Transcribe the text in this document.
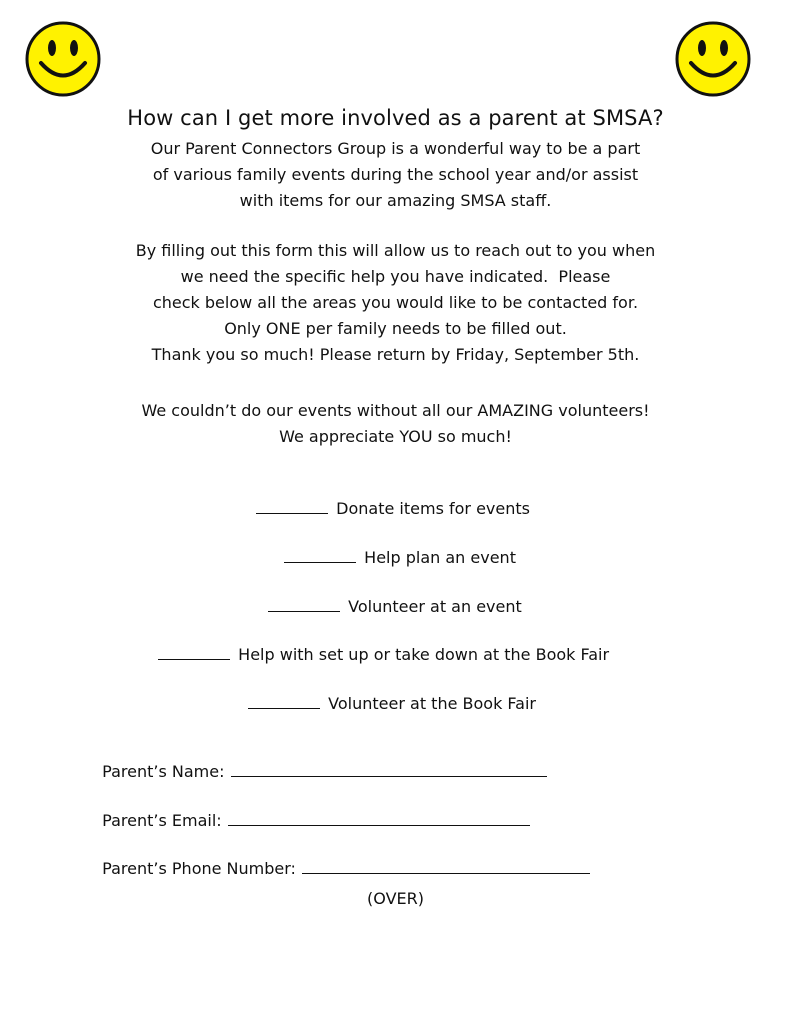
How can I get more involved as a parent at SMSA?
Our Parent Connectors Group is a wonderful way to be a part
of various family events during the school year and/or assist
with items for our amazing SMSA staff.
By filling out this form this will allow us to reach out to you when
we need the specific help you have indicated.  Please
check below all the areas you would like to be contacted for.
Only ONE per family needs to be filled out.
Thank you so much! Please return by Friday, September 5th.
We couldn’t do our events without all our AMAZING volunteers!
We appreciate YOU so much!

Donate items for events

Help plan an event

Volunteer at an event

Help with set up or take down at the Book Fair

Volunteer at the Book Fair

Parent’s Name:

Parent’s Email:

Parent’s Phone Number:

(OVER)
